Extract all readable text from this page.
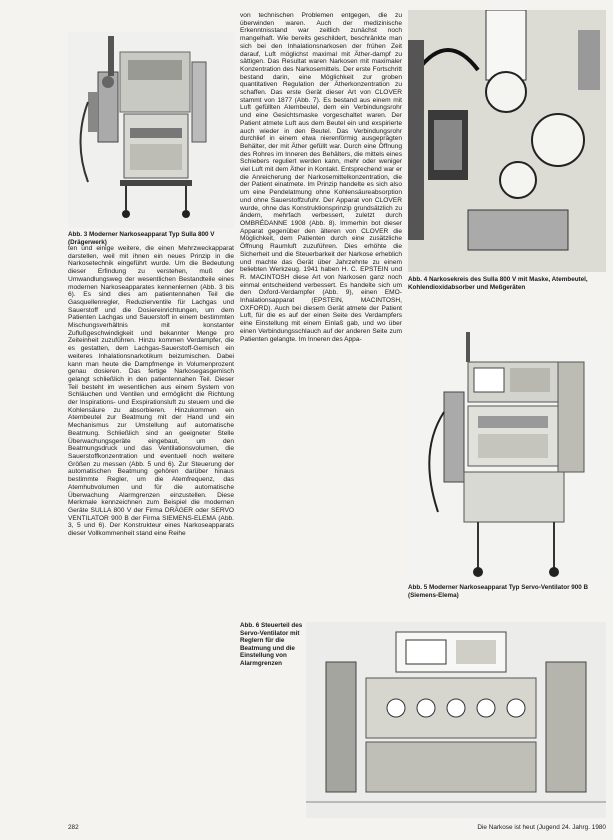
Abb. 3 Moderner Narkoseapparat Typ Sulla 800 V (Drägerwerk)
Abb. 4 Narkosekreis des Sulla 800 V mit Maske, Atembeutel, Kohlendioxidabsorber und Meßgeräten
Abb. 5 Moderner Narkoseapparat Typ Servo-Ventilator 900 B (Siemens-Elema)
Abb. 6 Steuerteil des Servo-Ventilator mit Reglern für die Beatmung und die Einstellung von Alarmgrenzen
ten und einige weitere, die einen Mehrzweckapparat darstellen, weil mit ihnen ein neues Prinzip in die Narkosetechnik eingeführt wurde. Um die Bedeutung dieser Erfindung zu verstehen, muß der Umwandlungsweg der wesentlichen Bestandteile eines modernen Narkoseapparates kennenlernen (Abb. 3 bis 6). Es sind dies am patientennahen Teil die Gasquellenregler, Reduzierventile für Lachgas und Sauerstoff und die Dosiereinrichtungen, um dem Patienten Lachgas und Sauerstoff in einem bestimmten Mischungsverhältnis mit konstanter Zuflußgeschwindigkeit und bekannter Menge pro Zeiteinheit zuzuführen. Hinzu kommen Verdampfer, die es gestatten, dem Lachgas-Sauerstoff-Gemisch ein weiteres Inhalationsnarkotikum beizumischen. Dabei kann man heute die Dampfmenge in Volumenprozent genau dosieren. Das fertige Narkosegasgemisch gelangt schließlich in den patientennahen Teil. Dieser Teil besteht im wesentlichen aus einem System von Schläuchen und Ventilen und ermöglicht die Richtung der Inspirations- und Exspirationsluft zu steuern und die Kohlensäure zu absorbieren. Hinzukommen ein Atembeutel zur Beatmung mit der Hand und ein Mechanismus zur Umstellung auf automatische Beatmung. Schließlich sind an geeigneter Stelle Überwachungsgeräte eingebaut, um den Beatmungsdruck und das Ventilationsvolumen, die Sauerstoffkonzentration und eventuell noch weitere Größen zu messen (Abb. 5 und 6). Zur Steuerung der automatischen Beatmung gehören darüber hinaus bestimmte Regler, um die Atemfrequenz, das Atemhubvolumen und für die automatische Überwachung Alarmgrenzen einzustellen. Diese Merkmale kennzeichnen zum Beispiel die modernen Geräte SULLA 800 V der Firma DRÄGER oder SERVO VENTILATOR 900 B der Firma SIEMENS-ELEMA (Abb. 3, 5 und 6). Der Konstrukteur eines Narkoseapparats dieser Vollkommenheit stand eine Reihe
von technischen Problemen entgegen, die zu überwinden waren. Auch der medizinische Erkenntnisstand war zeitlich zunächst noch mangelhaft. Wie bereits geschildert, beschränkte man sich bei den Inhalationsnarkosen der frühen Zeit darauf, Luft möglichst maximal mit Äther-dampf zu sättigen. Das Resultat waren Narkosen mit maximaler Konzentration des Narkosemittels. Der erste Fortschritt bestand darin, eine Möglichkeit zur groben quantitativen Regulation der Ätherkonzentration zu schaffen. Das erste Gerät dieser Art von CLOVER stammt von 1877 (Abb. 7). Es bestand aus einem mit Luft gefüllten Atembeutel, dem ein Verbindungsrohr und eine Gesichtsmaske vorgeschaltet waren. Der Patient atmete Luft aus dem Beutel ein und exspirierte auch wieder in den Beutel. Das Verbindungsrohr durchlief in einem etwa nierenförmig ausgeprägten Behälter, der mit Äther gefüllt war. Durch eine Öffnung des Rohres im Inneren des Behälters, die mittels eines Schiebers reguliert werden kann, mehr oder weniger viel Luft mit dem Äther in Kontakt. Entsprechend war er die Anreicherung der Narkosemittelkonzentration, die der Patient einatmete. Im Prinzip handelte es sich also um eine Pendelatmung ohne Kohlensäureabsorption und ohne Sauerstoffzufuhr. Der Apparat von CLOVER wurde, ohne das Konstruktionsprinzip grundsätzlich zu ändern, mehrfach verbessert, zuletzt durch OMBRÉDANNE 1908 (Abb. 8). Immerhin bot dieser Apparat gegenüber den älteren von CLOVER die Möglichkeit, dem Patienten durch eine zusätzliche Öffnung Raumluft zuzuführen. Dies erhöhte die Sicherheit und die Steuerbarkeit der Narkose erheblich und machte das Gerät über Jahrzehnte zu einem beliebten Werkzeug. 1941 haben H. C. EPSTEIN und R. MACINTOSH diese Art von Narkosen ganz noch einmal entscheidend verbessert. Es handelte sich um den Oxford-Verdampfer (Abb. 9), einen EMO-Inhalationsapparat (EPSTEIN, MACINTOSH, OXFORD). Auch bei diesem Gerät atmete der Patient Luft, für die es auf der einen Seite des Verdampfers eine Einstellung mit einem Einlaß gab, und wo über einen Verbindungsschlauch auf der anderen Seite zum Patienten gelangte. Im Inneren des Appa-
282	Die Narkose ist heut (Jugend 24. Jahrg. 1980
